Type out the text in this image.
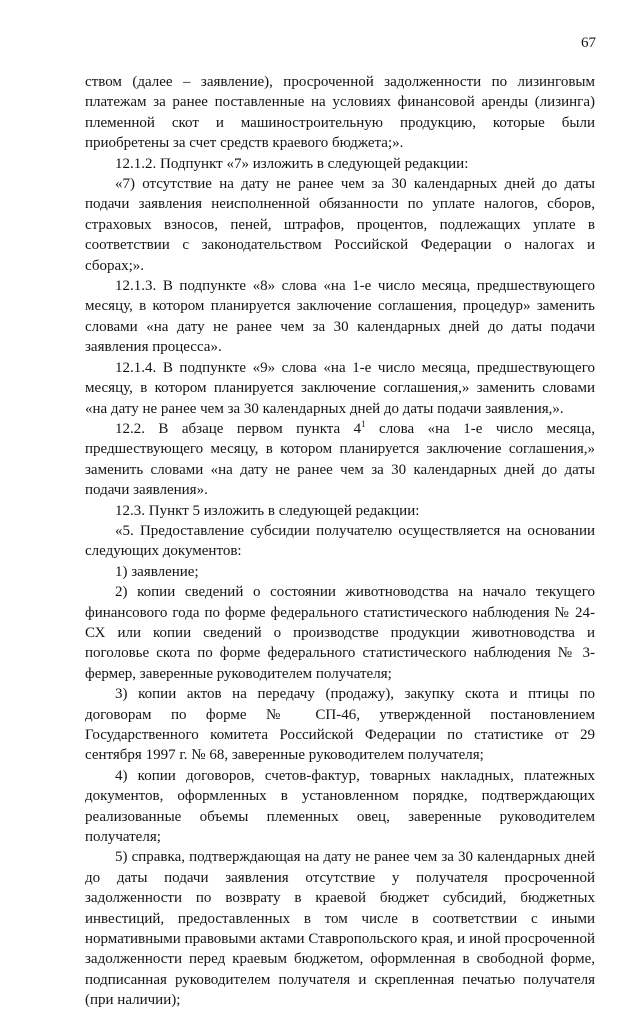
67

ством (далее – заявление), просроченной задолженности по лизинговым платежам за ранее поставленные на условиях финансовой аренды (лизинга) племенной скот и машиностроительную продукцию, которые были приобретены за счет средств краевого бюджета;».

12.1.2. Подпункт «7» изложить в следующей редакции:

«7) отсутствие на дату не ранее чем за 30 календарных дней до даты подачи заявления неисполненной обязанности по уплате налогов, сборов, страховых взносов, пеней, штрафов, процентов, подлежащих уплате в соответствии с законодательством Российской Федерации о налогах и сборах;».

12.1.3. В подпункте «8» слова «на 1-е число месяца, предшествующего месяцу, в котором планируется заключение соглашения, процедур» заменить словами «на дату не ранее чем за 30 календарных дней до даты подачи заявления процесса».

12.1.4. В подпункте «9» слова «на 1-е число месяца, предшествующего месяцу, в котором планируется заключение соглашения,» заменить словами «на дату не ранее чем за 30 календарных дней до даты подачи заявления,».

12.2. В абзаце первом пункта $4^1$ слова «на 1-е число месяца, предшествующего месяцу, в котором планируется заключение соглашения,» заменить словами «на дату не ранее чем за 30 календарных дней до даты подачи заявления».

12.3. Пункт 5 изложить в следующей редакции:

«5. Предоставление субсидии получателю осуществляется на основании следующих документов:

1) заявление;

2) копии сведений о состоянии животноводства на начало текущего финансового года по форме федерального статистического наблюдения № 24-СХ или копии сведений о производстве продукции животноводства и поголовье скота по форме федерального статистического наблюдения № 3-фермер, заверенные руководителем получателя;

3) копии актов на передачу (продажу), закупку скота и птицы по договорам по форме № СП-46, утвержденной постановлением Государственного комитета Российской Федерации по статистике от 29 сентября 1997 г. № 68, заверенные руководителем получателя;

4) копии договоров, счетов-фактур, товарных накладных, платежных документов, оформленных в установленном порядке, подтверждающих реализованные объемы племенных овец, заверенные руководителем получателя;

5) справка, подтверждающая на дату не ранее чем за 30 календарных дней до даты подачи заявления отсутствие у получателя просроченной задолженности по возврату в краевой бюджет субсидий, бюджетных инвестиций, предоставленных в том числе в соответствии с иными нормативными правовыми актами Ставропольского края, и иной просроченной задолженности перед краевым бюджетом, оформленная в свободной форме, подписанная руководителем получателя и скрепленная печатью получателя (при наличии);
